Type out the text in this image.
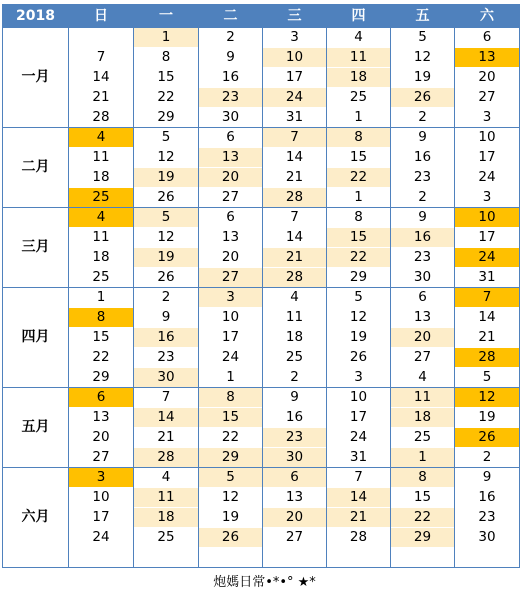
2018	日	一	二	三	四	五	六
一月		1	2	3	4	5	6
	7	8	9	10	11	12	13
	14	15	16	17	18	19	20
	21	22	23	24	25	26	27
	28	29	30	31	1	2	3
二月	4	5	6	7	8	9	10
	11	12	13	14	15	16	17
	18	19	20	21	22	23	24
	25	26	27	28	1	2	3
三月	4	5	6	7	8	9	10
	11	12	13	14	15	16	17
	18	19	20	21	22	23	24
	25	26	27	28	29	30	31
四月	1	2	3	4	5	6	7
	8	9	10	11	12	13	14
	15	16	17	18	19	20	21
	22	23	24	25	26	27	28
	29	30	1	2	3	4	5
五月	6	7	8	9	10	11	12
	13	14	15	16	17	18	19
	20	21	22	23	24	25	26
	27	28	29	30	31	1	2
六月	3	4	5	6	7	8	9
	10	11	12	13	14	15	16
	17	18	19	20	21	22	23
	24	25	26	27	28	29	30

炮媽日常•*•° ★*
